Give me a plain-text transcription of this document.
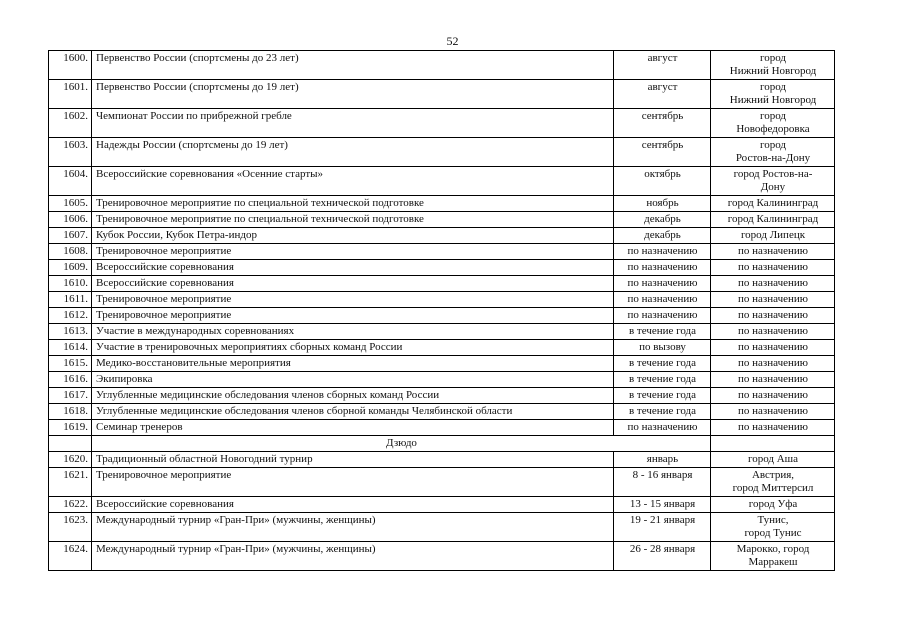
52
1600.	Первенство России (спортсмены до 23 лет)	август	город
Нижний Новгород
1601.	Первенство России (спортсмены до 19 лет)	август	город
Нижний Новгород
1602.	Чемпионат России по прибрежной гребле	сентябрь	город
Новофедоровка
1603.	Надежды России (спортсмены до 19 лет)	сентябрь	город
Ростов-на-Дону
1604.	Всероссийские соревнования «Осенние старты»	октябрь	город Ростов-на-
Дону
1605.	Тренировочное мероприятие по специальной технической подготовке	ноябрь	город Калининград
1606.	Тренировочное мероприятие по специальной технической подготовке	декабрь	город Калининград
1607.	Кубок России, Кубок Петра-индор	декабрь	город Липецк
1608.	Тренировочное мероприятие	по назначению	по назначению
1609.	Всероссийские соревнования	по назначению	по назначению
1610.	Всероссийские соревнования	по назначению	по назначению
1611.	Тренировочное мероприятие	по назначению	по назначению
1612.	Тренировочное мероприятие	по назначению	по назначению
1613.	Участие в международных соревнованиях	в течение года	по назначению
1614.	Участие в тренировочных мероприятиях сборных команд России	по вызову	по назначению
1615.	Медико-восстановительные мероприятия	в течение года	по назначению
1616.	Экипировка	в течение года	по назначению
1617.	Углубленные медицинские обследования членов сборных команд России	в течение года	по назначению
1618.	Углубленные медицинские обследования членов сборной команды Челябинской области	в течение года	по назначению
1619.	Семинар тренеров	по назначению	по назначению
	Дзюдо		
1620.	Традиционный областной Новогодний турнир	январь	город Аша
1621.	Тренировочное мероприятие	8 - 16 января	Австрия,
город Миттерсил
1622.	Всероссийские соревнования	13 - 15 января	город Уфа
1623.	Международный турнир «Гран-При» (мужчины, женщины)	19 - 21 января	Тунис,
город Тунис
1624.	Международный турнир «Гран-При» (мужчины, женщины)	26 - 28 января	Марокко, город
Марракеш
